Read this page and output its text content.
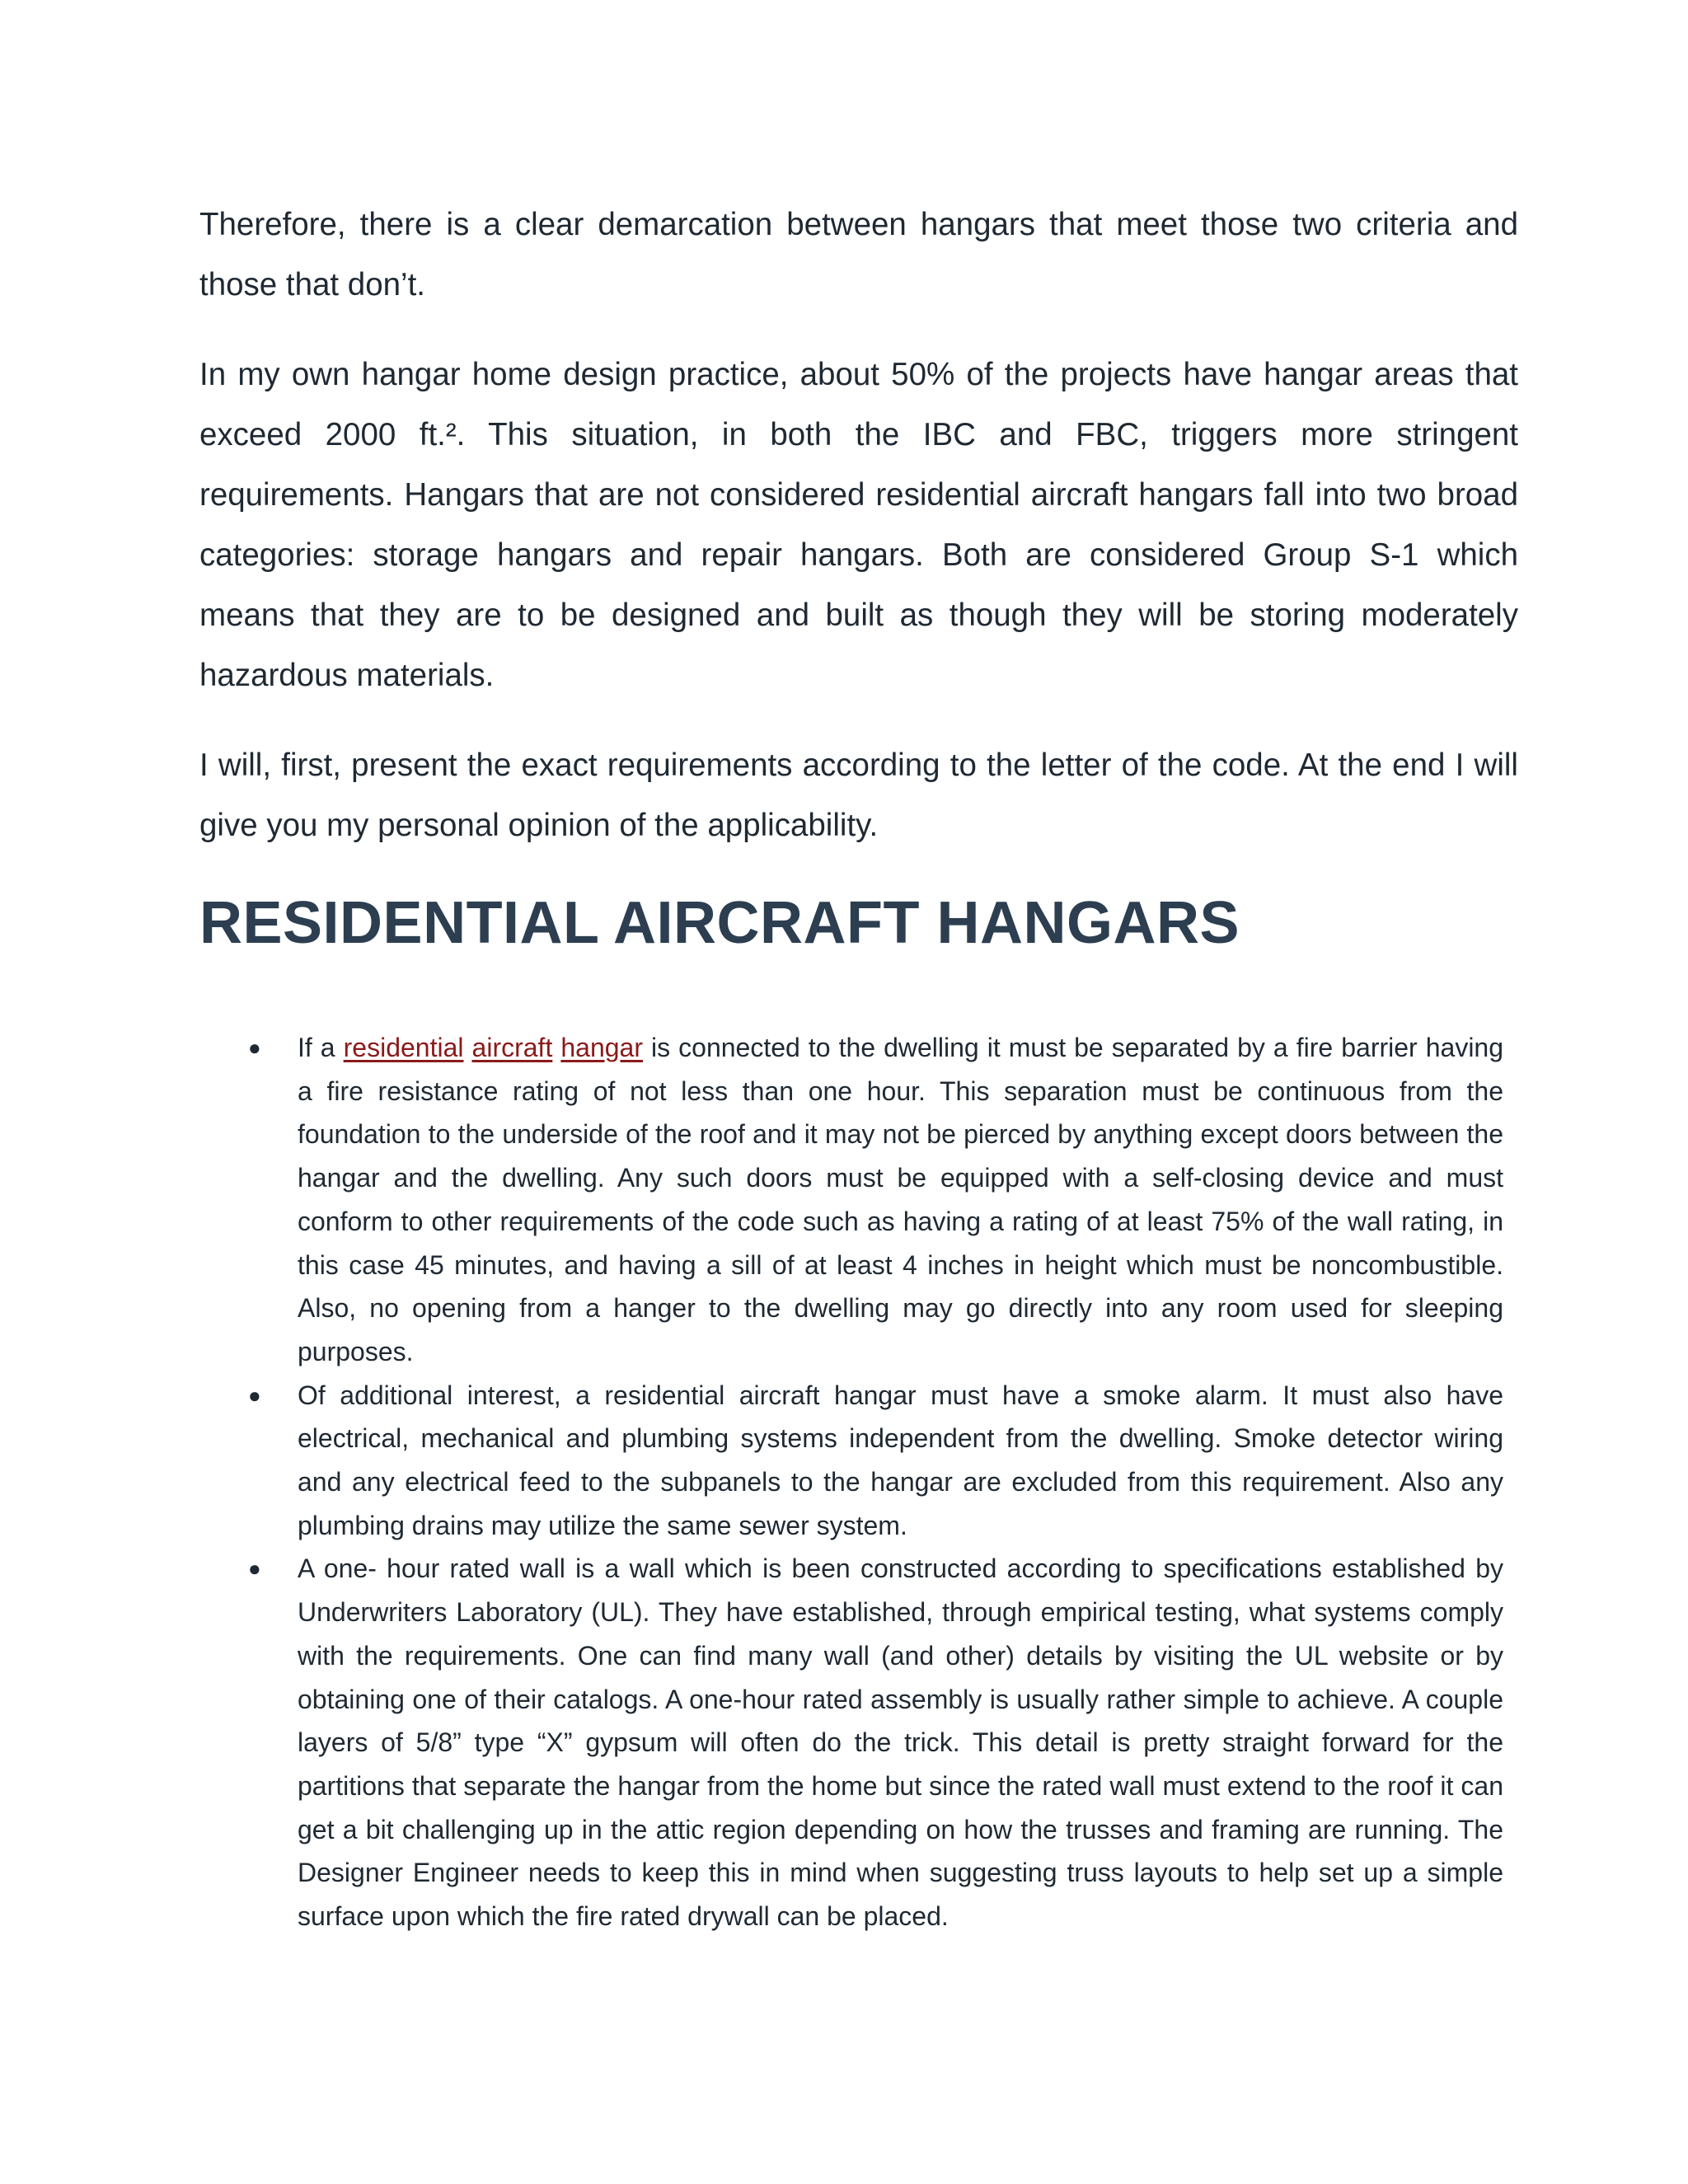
Therefore, there is a clear demarcation between hangars that meet those two criteria and those that don’t.

In my own hangar home design practice, about 50% of the projects have hangar areas that exceed 2000 ft.². This situation, in both the IBC and FBC, triggers more stringent requirements. Hangars that are not considered residential aircraft hangars fall into two broad categories: storage hangars and repair hangars. Both are considered Group S-1 which means that they are to be designed and built as though they will be storing moderately hazardous materials.

I will, first, present the exact requirements according to the letter of the code. At the end I will give you my personal opinion of the applicability.

RESIDENTIAL AIRCRAFT HANGARS
● If a residential aircraft hangar is connected to the dwelling it must be separated by a fire barrier having a fire resistance rating of not less than one hour. This separation must be continuous from the foundation to the underside of the roof and it may not be pierced by anything except doors between the hangar and the dwelling. Any such doors must be equipped with a self-closing device and must conform to other requirements of the code such as having a rating of at least 75% of the wall rating, in this case 45 minutes, and having a sill of at least 4 inches in height which must be noncombustible. Also, no opening from a hanger to the dwelling may go directly into any room used for sleeping purposes.
● Of additional interest, a residential aircraft hangar must have a smoke alarm. It must also have electrical, mechanical and plumbing systems independent from the dwelling. Smoke detector wiring and any electrical feed to the subpanels to the hangar are excluded from this requirement. Also any plumbing drains may utilize the same sewer system.
● A one- hour rated wall is a wall which is been constructed according to specifications established by Underwriters Laboratory (UL). They have established, through empirical testing, what systems comply with the requirements. One can find many wall (and other) details by visiting the UL website or by obtaining one of their catalogs. A one-hour rated assembly is usually rather simple to achieve. A couple layers of 5/8” type “X” gypsum will often do the trick. This detail is pretty straight forward for the partitions that separate the hangar from the home but since the rated wall must extend to the roof it can get a bit challenging up in the attic region depending on how the trusses and framing are running. The Designer Engineer needs to keep this in mind when suggesting truss layouts to help set up a simple surface upon which the fire rated drywall can be placed.
